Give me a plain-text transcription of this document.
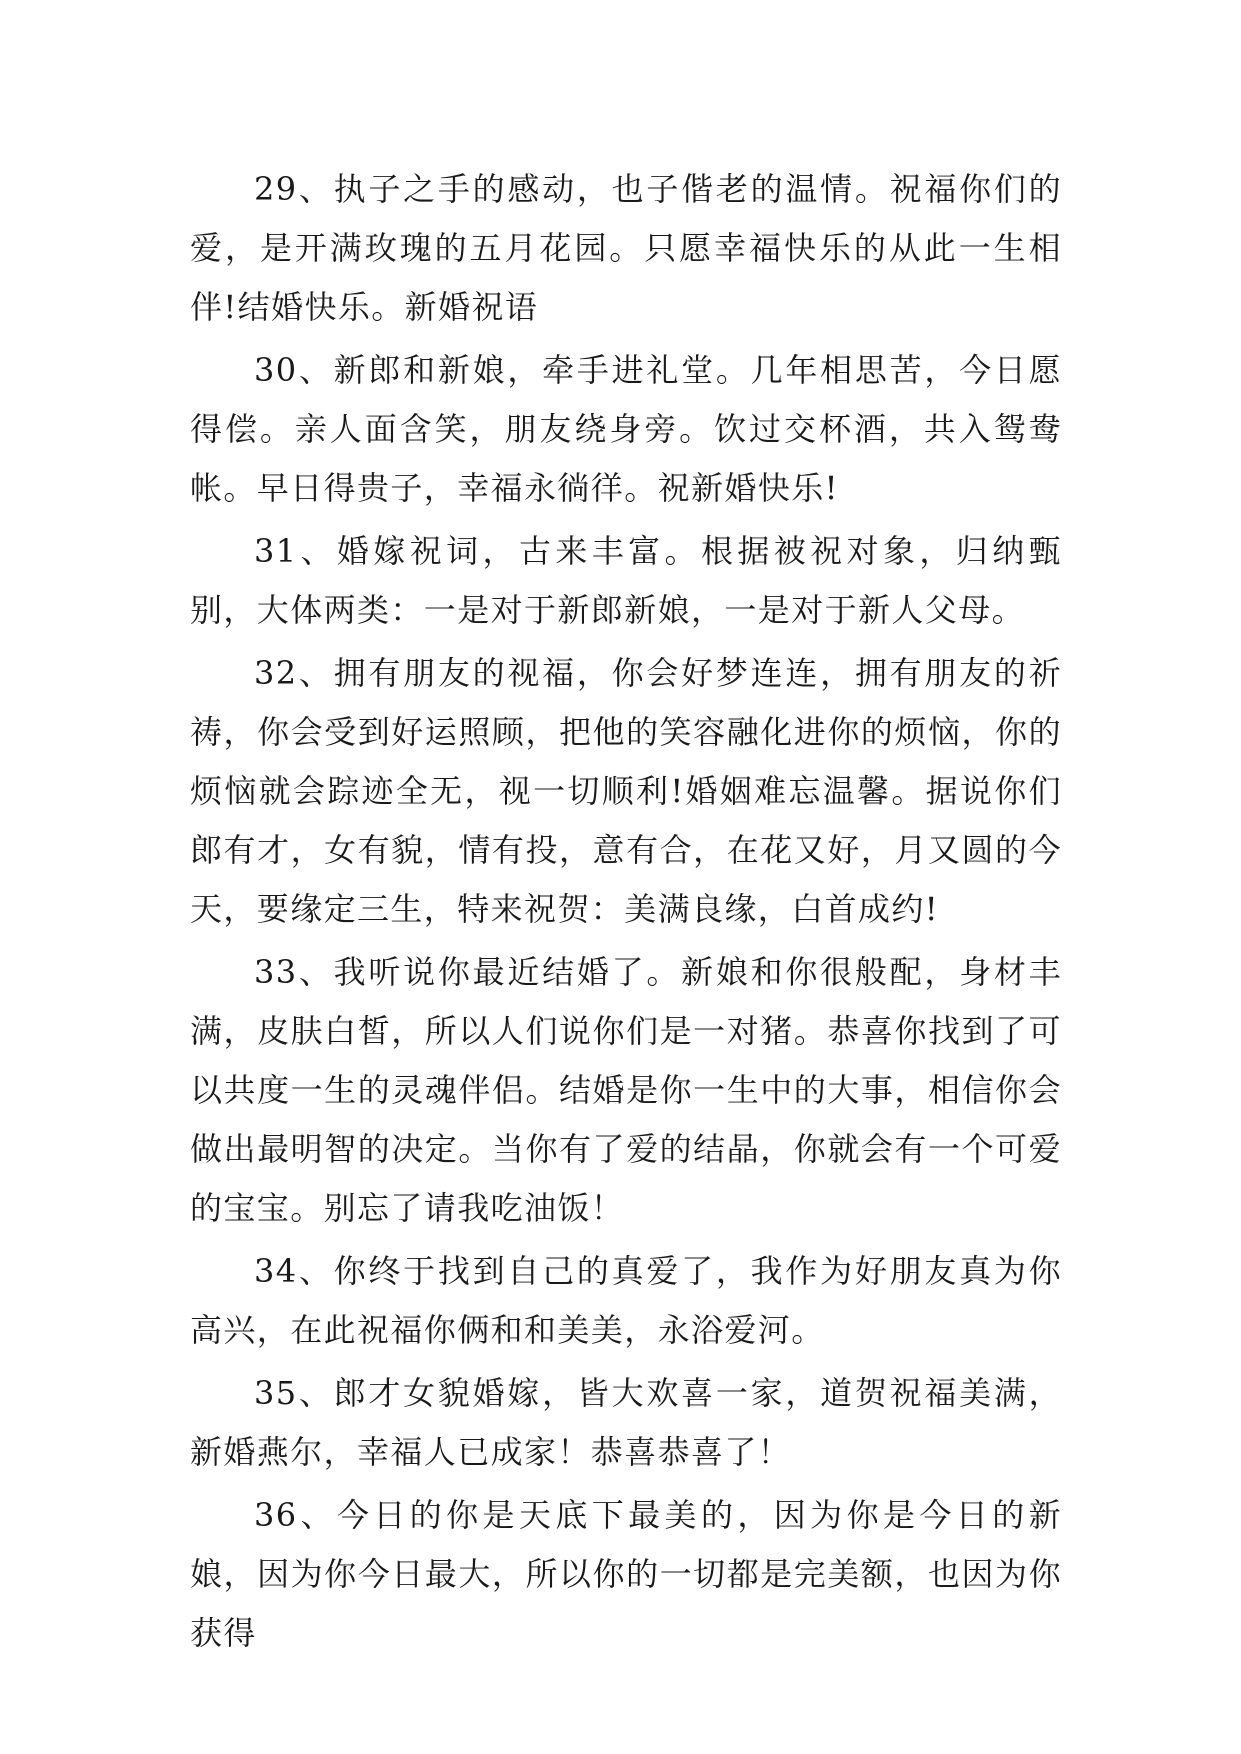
29、执子之手的感动，也子偕老的温情。祝福你们的爱，是开满玫瑰的五月花园。只愿幸福快乐的从此一生相伴!结婚快乐。新婚祝语

30、新郎和新娘，牵手进礼堂。几年相思苦，今日愿得偿。亲人面含笑，朋友绕身旁。饮过交杯酒，共入鸳鸯帐。早日得贵子，幸福永徜徉。祝新婚快乐!

31、婚嫁祝词，古来丰富。根据被祝对象，归纳甄别，大体两类：一是对于新郎新娘，一是对于新人父母。

32、拥有朋友的视福，你会好梦连连，拥有朋友的祈祷，你会受到好运照顾，把他的笑容融化进你的烦恼，你的烦恼就会踪迹全无，视一切顺利!婚姻难忘温馨。据说你们郎有才，女有貌，情有投，意有合，在花又好，月又圆的今天，要缘定三生，特来祝贺：美满良缘，白首成约!

33、我听说你最近结婚了。新娘和你很般配，身材丰满，皮肤白皙，所以人们说你们是一对猪。恭喜你找到了可以共度一生的灵魂伴侣。结婚是你一生中的大事，相信你会做出最明智的决定。当你有了爱的结晶，你就会有一个可爱的宝宝。别忘了请我吃油饭！

34、你终于找到自己的真爱了，我作为好朋友真为你高兴，在此祝福你俩和和美美，永浴爱河。

35、郎才女貌婚嫁，皆大欢喜一家，道贺祝福美满，新婚燕尔，幸福人已成家！恭喜恭喜了！

36、今日的你是天底下最美的，因为你是今日的新娘，因为你今日最大，所以你的一切都是完美额，也因为你获得
